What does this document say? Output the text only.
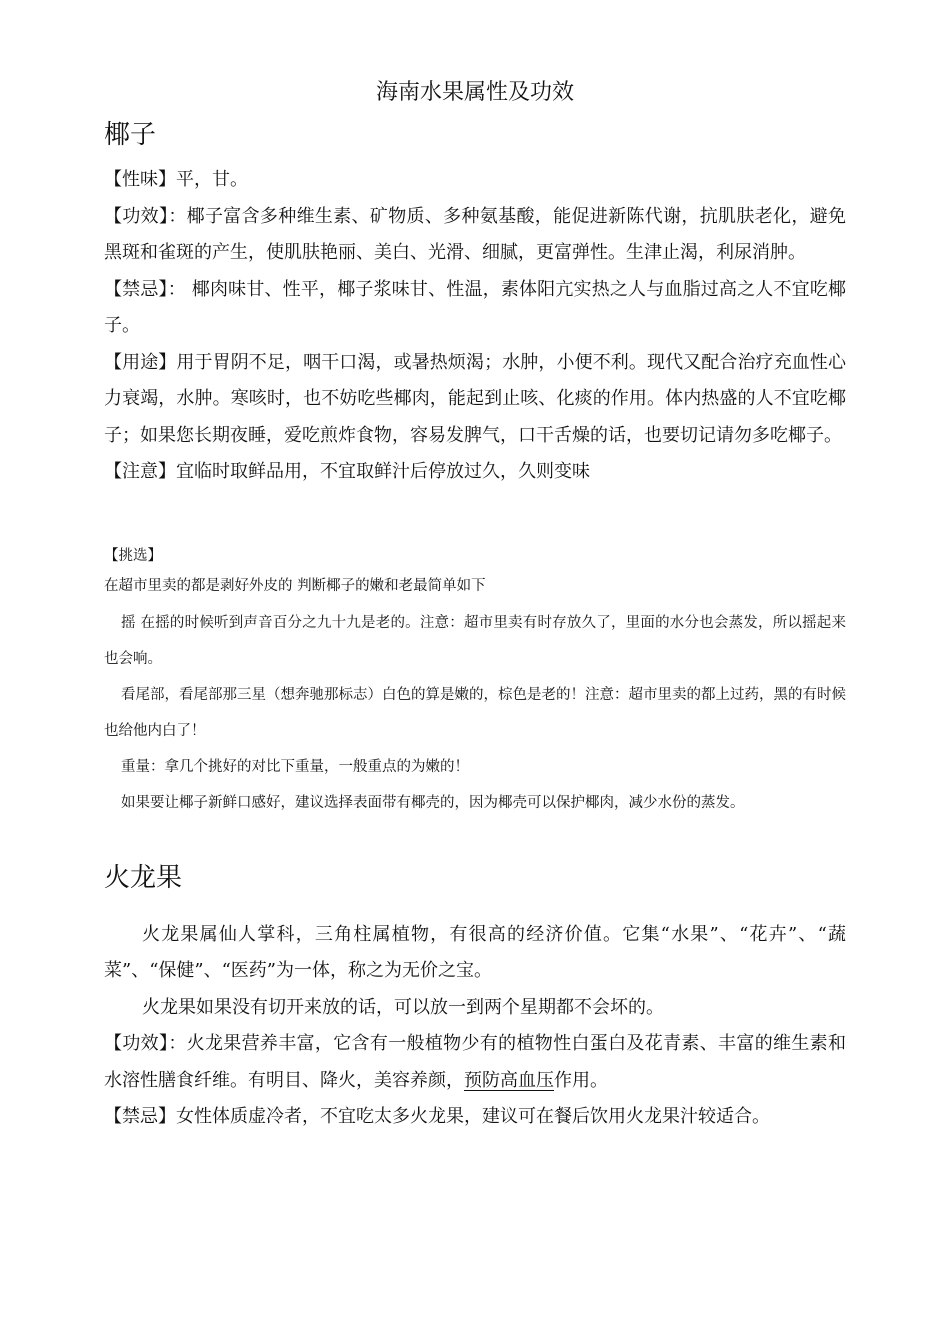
海南水果属性及功效
椰子

【性味】平，甘。

【功效】：椰子富含多种维生素、矿物质、多种氨基酸，能促进新陈代谢，抗肌肤老化，避免黑斑和雀斑的产生，使肌肤艳丽、美白、光滑、细腻，更富弹性。生津止渴，利尿消肿。

【禁忌】： 椰肉味甘、性平，椰子浆味甘、性温，素体阳亢实热之人与血脂过高之人不宜吃椰子。

【用途】用于胃阴不足，咽干口渴，或暑热烦渴；水肿，小便不利。现代又配合治疗充血性心力衰竭，水肿。寒咳时，也不妨吃些椰肉，能起到止咳、化痰的作用。体内热盛的人不宜吃椰子；如果您长期夜睡，爱吃煎炸食物，容易发脾气，口干舌燥的话，也要切记请勿多吃椰子。

【注意】宜临时取鲜品用，不宜取鲜汁后停放过久，久则变味

【挑选】

在超市里卖的都是剥好外皮的 判断椰子的嫩和老最简单如下

摇 在摇的时候听到声音百分之九十九是老的。注意：超市里卖有时存放久了，里面的水分也会蒸发，所以摇起来也会响。

看尾部，看尾部那三星（想奔驰那标志）白色的算是嫩的，棕色是老的！注意：超市里卖的都上过药，黑的有时候也给他内白了！

重量：拿几个挑好的对比下重量，一般重点的为嫩的！

如果要让椰子新鲜口感好，建议选择表面带有椰壳的，因为椰壳可以保护椰肉，减少水份的蒸发。

火龙果

火龙果属仙人掌科，三角柱属植物，有很高的经济价值。它集“水果”、“花卉”、“蔬菜”、“保健”、“医药”为一体，称之为无价之宝。

火龙果如果没有切开来放的话，可以放一到两个星期都不会坏的。

【功效】：火龙果营养丰富，它含有一般植物少有的植物性白蛋白及花青素、丰富的维生素和水溶性膳食纤维。有明目、降火，美容养颜，预防高血压作用。

【禁忌】女性体质虚冷者，不宜吃太多火龙果，建议可在餐后饮用火龙果汁较适合。
